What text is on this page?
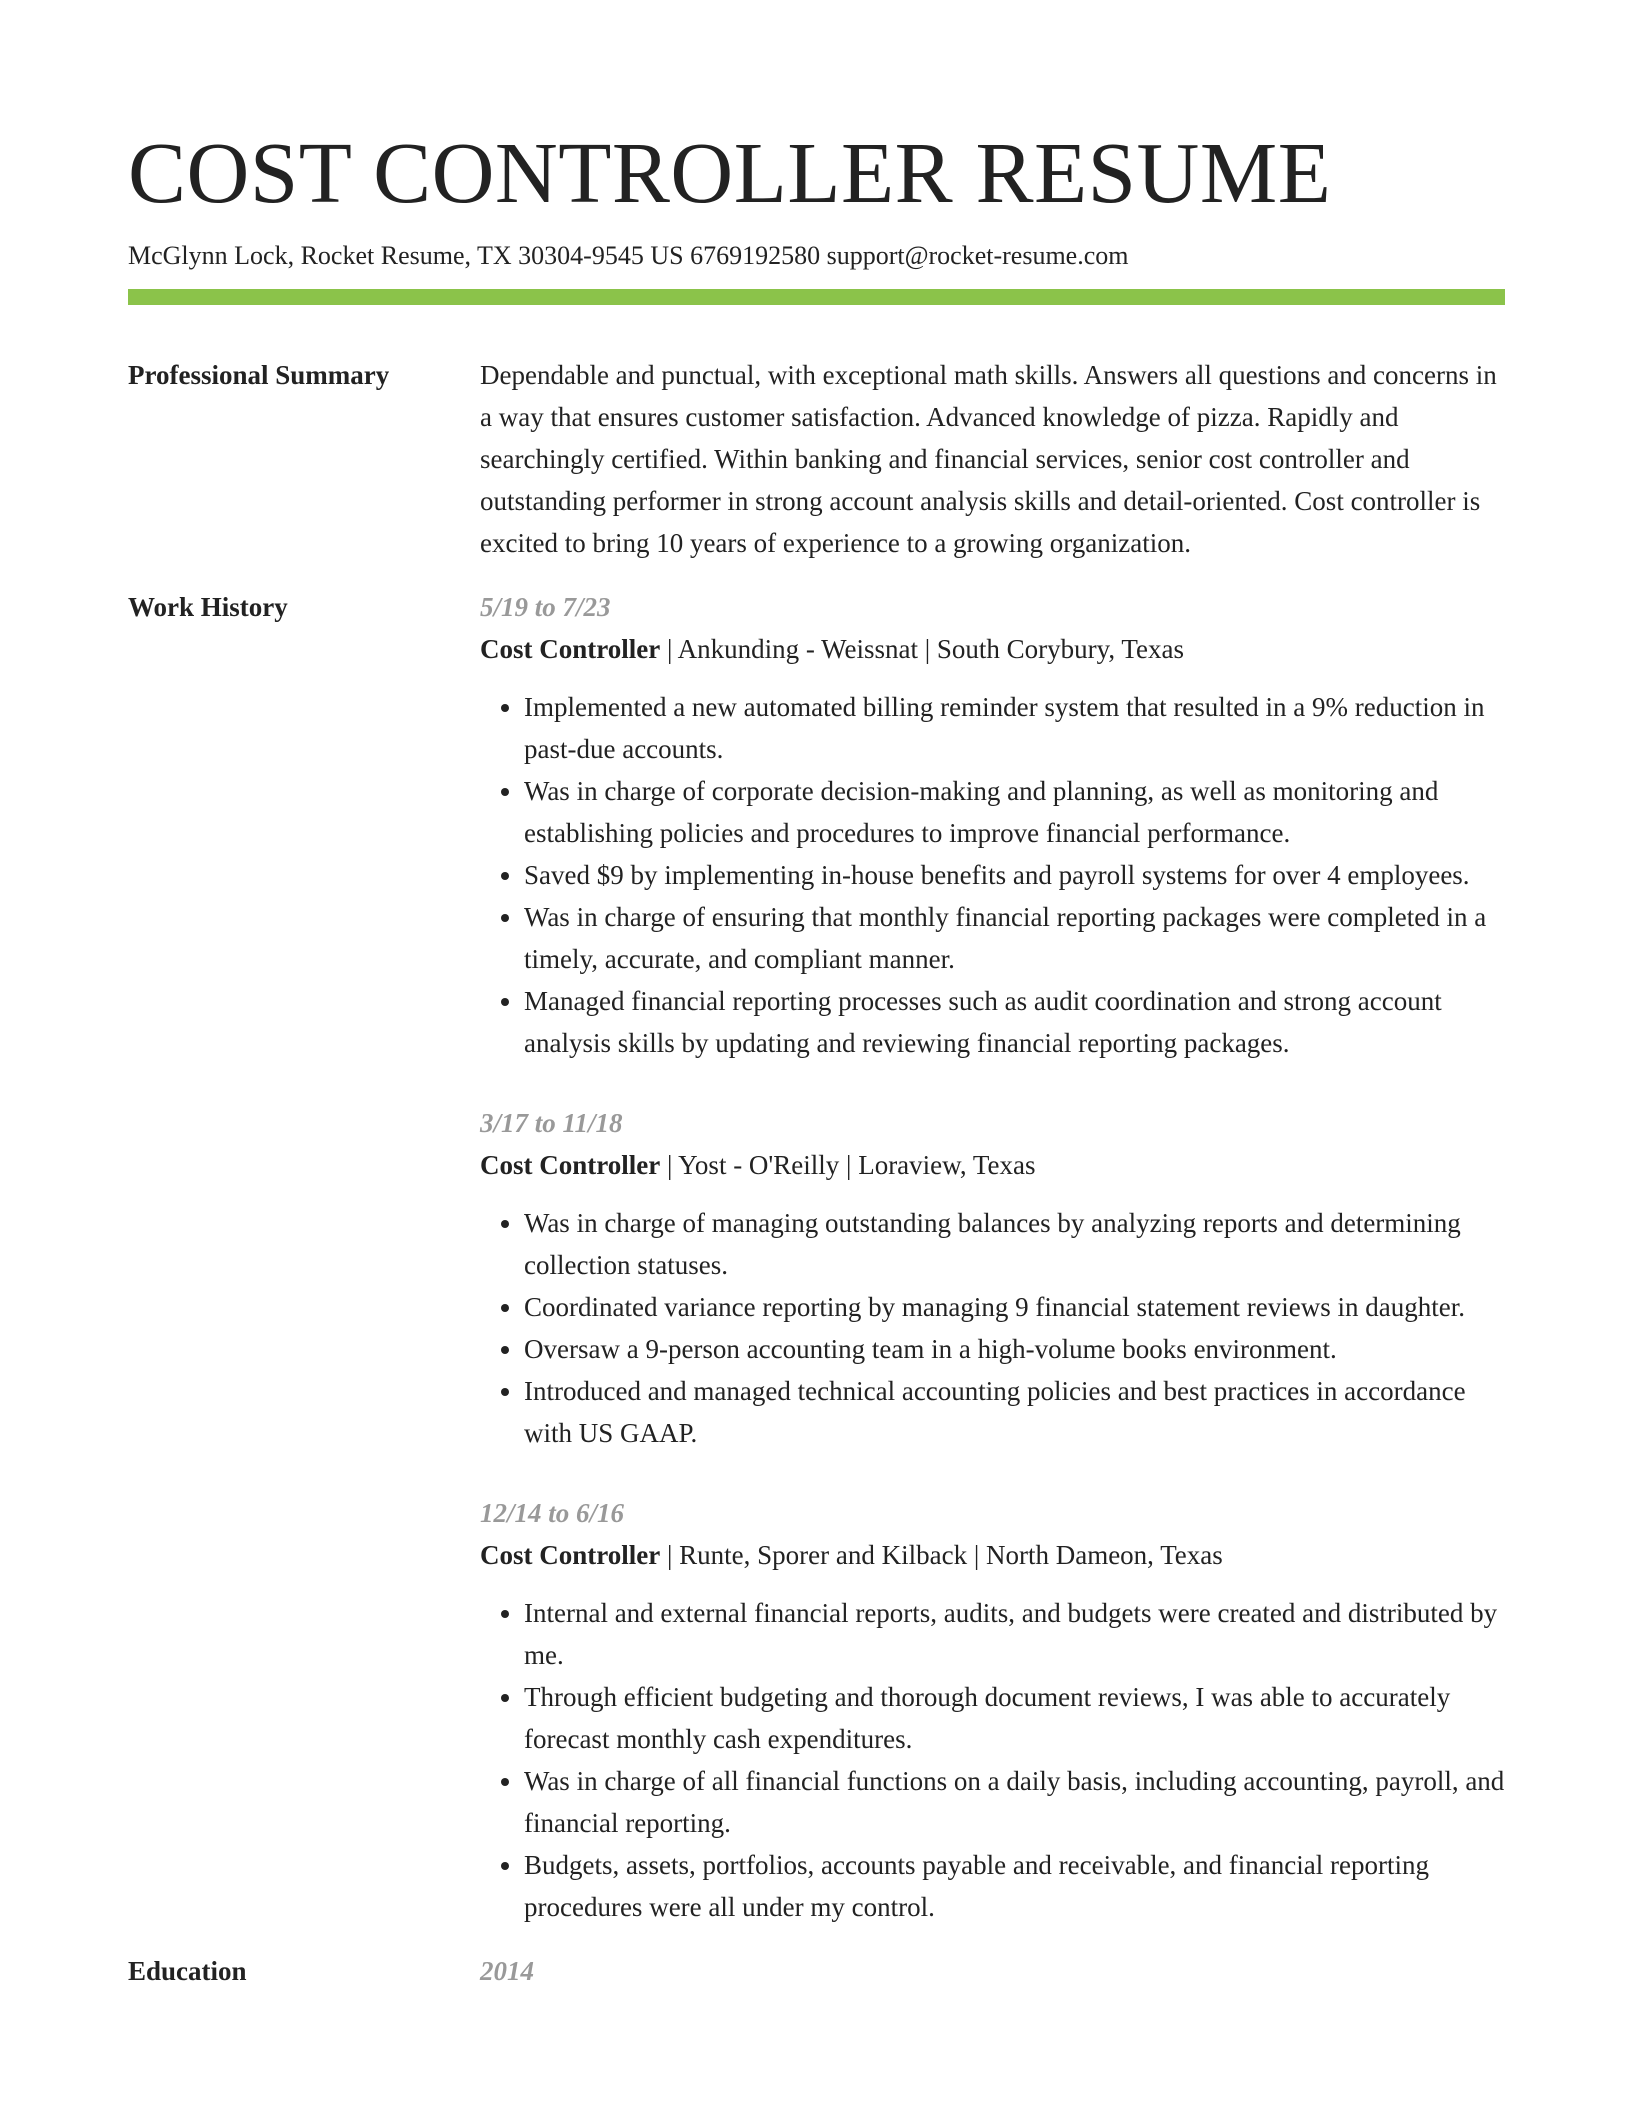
COST CONTROLLER RESUME
McGlynn Lock, Rocket Resume, TX 30304-9545 US 6769192580 support@rocket-resume.com
Professional Summary	Dependable and punctual, with exceptional math skills. Answers all questions and concerns in a way that ensures customer satisfaction. Advanced knowledge of pizza. Rapidly and searchingly certified. Within banking and financial services, senior cost controller and outstanding performer in strong account analysis skills and detail-oriented. Cost controller is excited to bring 10 years of experience to a growing organization.

Work History	5/19 to 7/23
Cost Controller | Ankunding - Weissnat | South Corybury, Texas
• Implemented a new automated billing reminder system that resulted in a 9% reduction in past-due accounts.
• Was in charge of corporate decision-making and planning, as well as monitoring and establishing policies and procedures to improve financial performance.
• Saved $9 by implementing in-house benefits and payroll systems for over 4 employees.
• Was in charge of ensuring that monthly financial reporting packages were completed in a timely, accurate, and compliant manner.
• Managed financial reporting processes such as audit coordination and strong account analysis skills by updating and reviewing financial reporting packages.
3/17 to 11/18
Cost Controller | Yost - O'Reilly | Loraview, Texas
• Was in charge of managing outstanding balances by analyzing reports and determining collection statuses.
• Coordinated variance reporting by managing 9 financial statement reviews in daughter.
• Oversaw a 9-person accounting team in a high-volume books environment.
• Introduced and managed technical accounting policies and best practices in accordance with US GAAP.
12/14 to 6/16
Cost Controller | Runte, Sporer and Kilback | North Dameon, Texas
• Internal and external financial reports, audits, and budgets were created and distributed by me.
• Through efficient budgeting and thorough document reviews, I was able to accurately forecast monthly cash expenditures.
• Was in charge of all financial functions on a daily basis, including accounting, payroll, and financial reporting.
• Budgets, assets, portfolios, accounts payable and receivable, and financial reporting procedures were all under my control.
Education	2014
